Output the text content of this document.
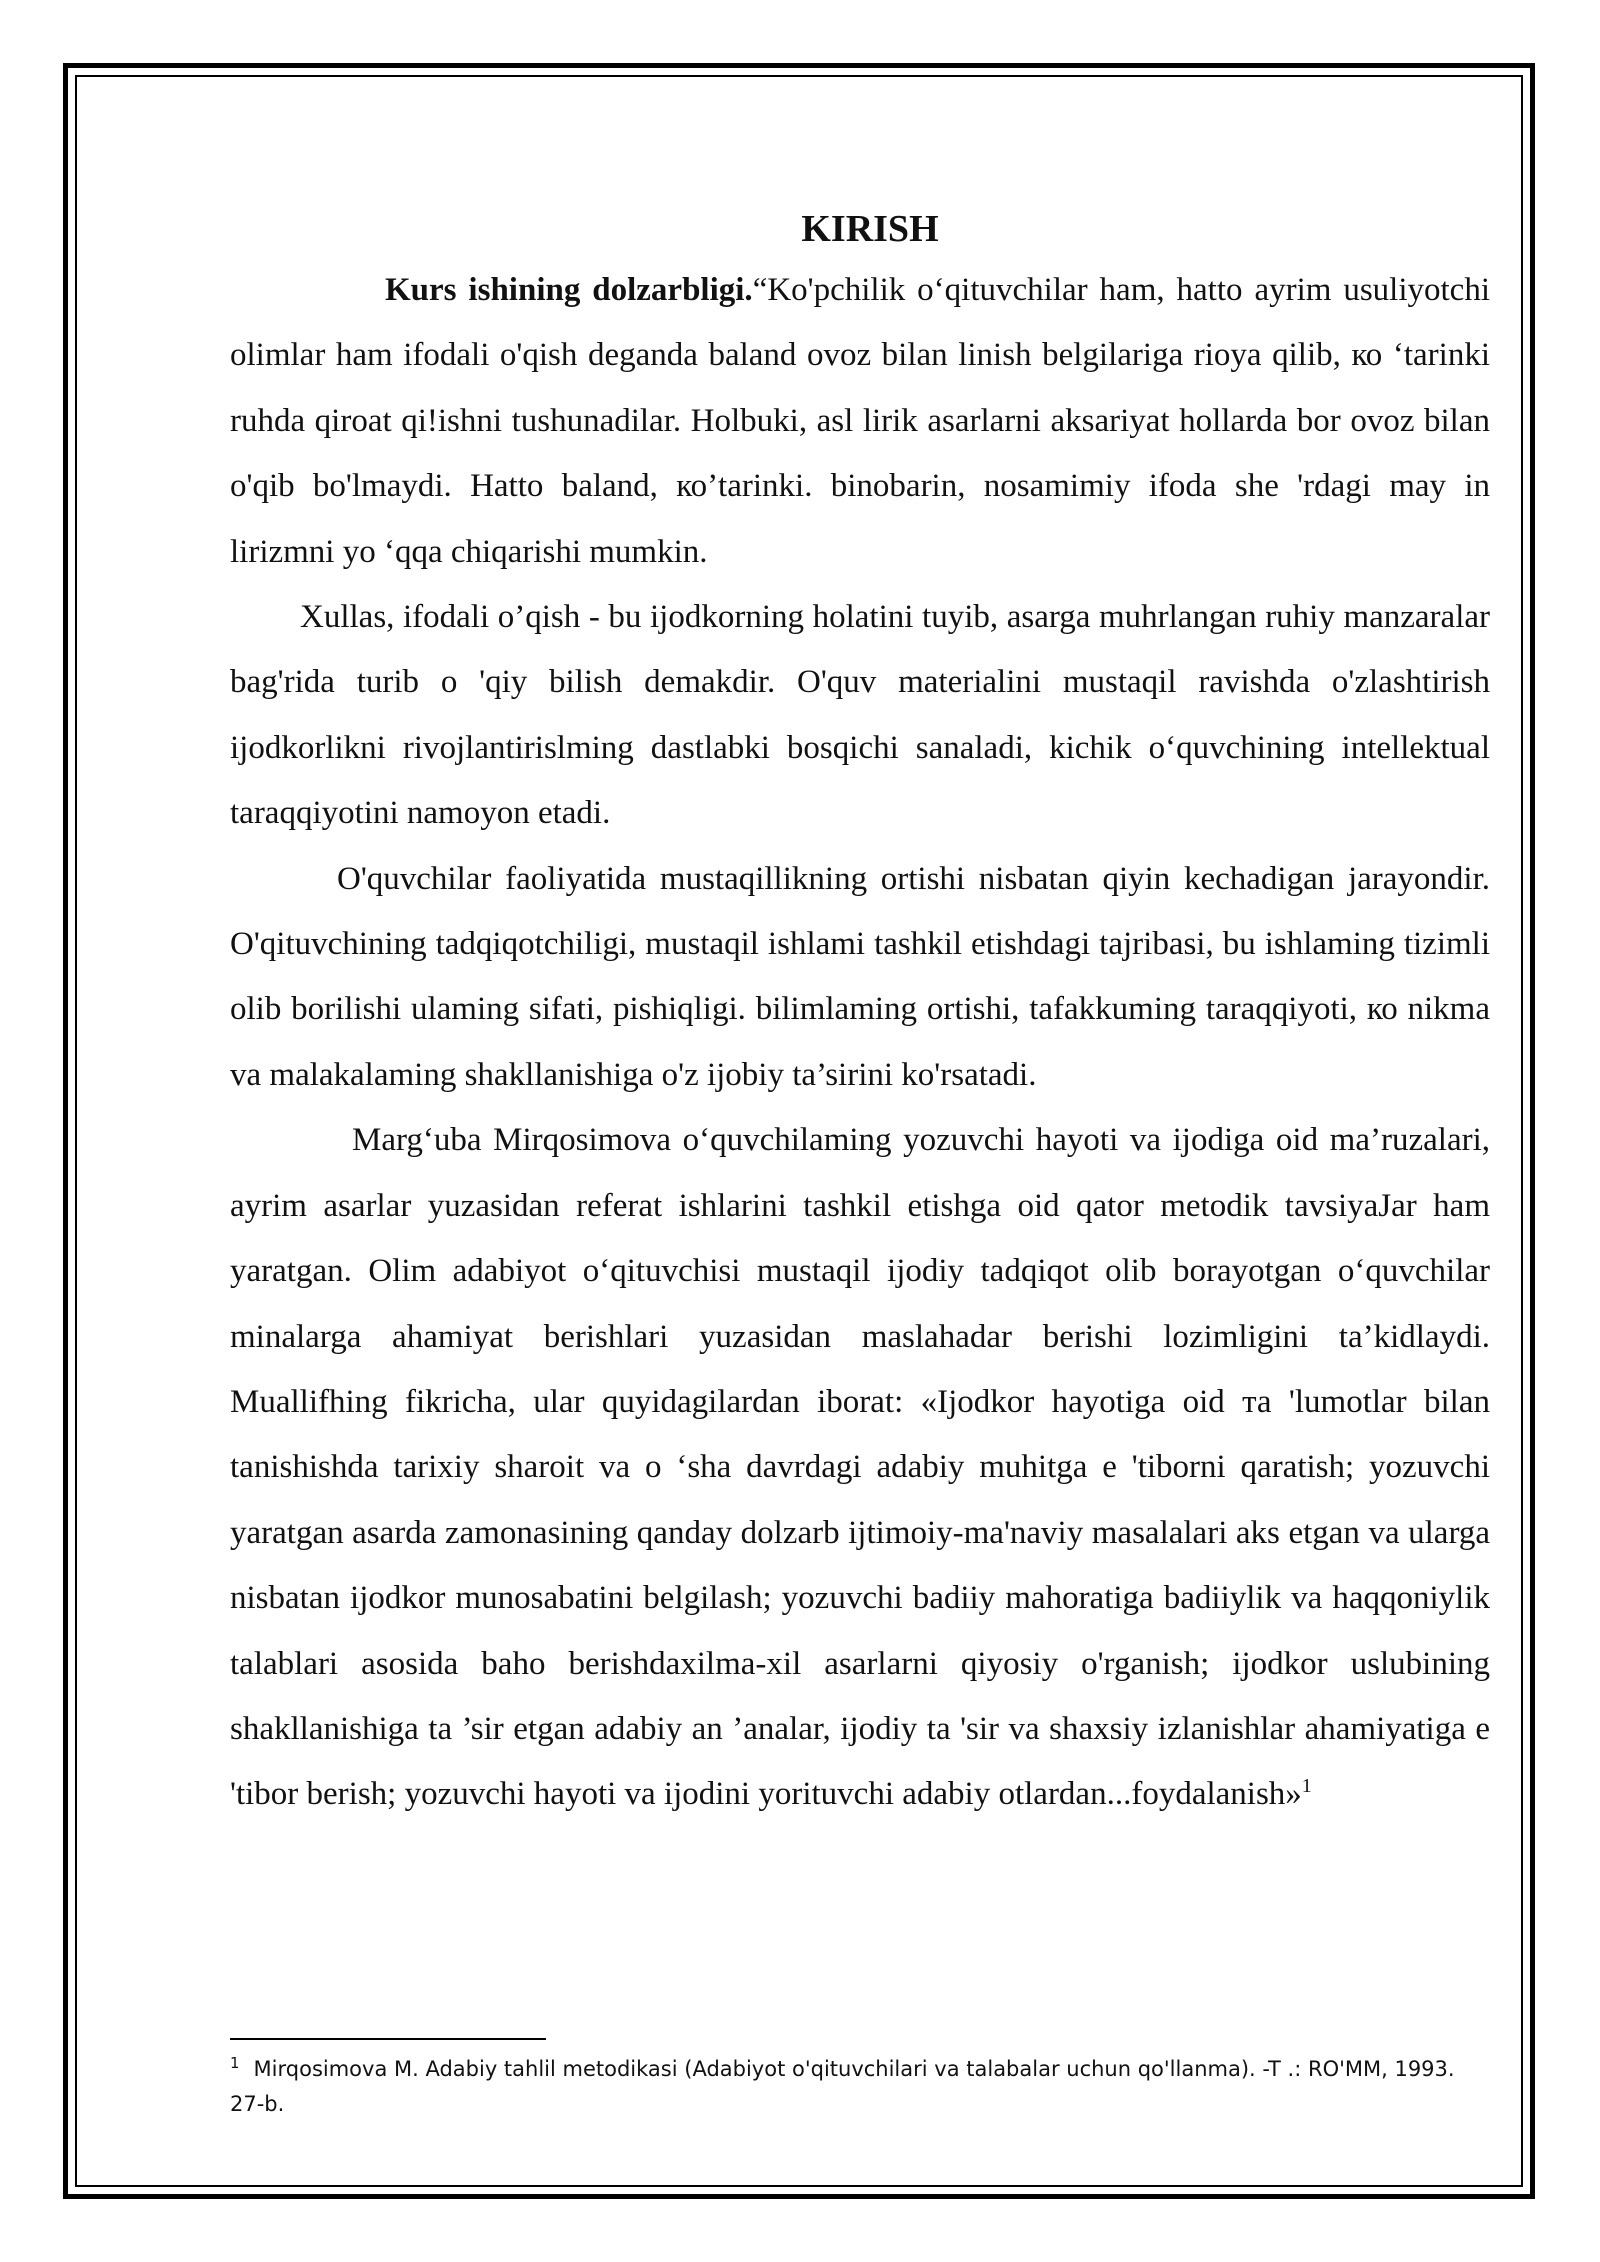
KIRISH

Kurs ishining dolzarbligi.“Ko'pchilik oʻqituvchilar ham, hatto ayrim usuliyotchi olimlar ham ifodali o'qish deganda baland ovoz bilan linish belgilariga rioya qilib, ко ‘tarinki ruhda qiroat qi!ishni tushunadilar. Holbuki, asl lirik asarlarni aksariyat hollarda bor ovoz bilan o'qib bo'lmaydi. Hatto baland, ко’tarinki. binobarin, nosamimiy ifoda she 'rdagi may in lirizmni yo ‘qqa chiqarishi mumkin.

Xullas, ifodali o’qish - bu ijodkorning holatini tuyib, asarga muhrlangan ruhiy manzaralar bag'rida turib o 'qiy bilish demakdir. O'quv materialini mustaqil ravishda o'zlashtirish ijodkorlikni rivojlantirislming dastlabki bosqichi sanaladi, kichik oʻquvchining intellektual taraqqiyotini namoyon etadi.

O'quvchilar faoliyatida mustaqillikning ortishi nisbatan qiyin kechadigan jarayondir. O'qituvchining tadqiqotchiligi, mustaqil ishlami tashkil etishdagi tajribasi, bu ishlaming tizimli olib borilishi ulaming sifati, pishiqligi. bilimlaming ortishi, tafakkuming taraqqiyoti, ко nikma va malakalaming shakllanishiga o'z ijobiy ta’sirini ko'rsatadi.

Margʻuba Mirqosimova oʻquvchilaming yozuvchi hayoti va ijodiga oid ma’ruzalari, ayrim asarlar yuzasidan referat ishlarini tashkil etishga oid qator metodik tavsiyaJar ham yaratgan. Olim adabiyot oʻqituvchisi mustaqil ijodiy tadqiqot olib borayotgan oʻquvchilar minalarga ahamiyat berishlari yuzasidan maslahadar berishi lozimligini ta’kidlaydi. Muallifhing fikricha, ular quyidagilardan iborat: «Ijodkor hayotiga oid та 'lumotlar bilan tanishishda tarixiy sharoit va o ‘sha davrdagi adabiy muhitga e 'tiborni qaratish; yozuvchi yaratgan asarda zamonasining qanday dolzarb ijtimoiy-ma'naviy masalalari aks etgan va ularga nisbatan ijodkor munosabatini belgilash; yozuvchi badiiy mahoratiga badiiylik va haqqoniylik talablari asosida baho berishdaxilma-xil asarlarni qiyosiy o'rganish; ijodkor uslubining shakllanishiga ta ’sir etgan adabiy an ’analar, ijodiy ta 'sir va shaxsiy izlanishlar ahamiyatiga e 'tibor berish; yozuvchi hayoti va ijodini yorituvchi adabiy otlardan...foydalanish»$^1$

$^1$ Mirqosimova M. Adabiy tahlil metodikasi (Adabiyot o'qituvchilari va talabalar uchun qo'llanma). -T .: RO'MM, 1993. 27-b.
